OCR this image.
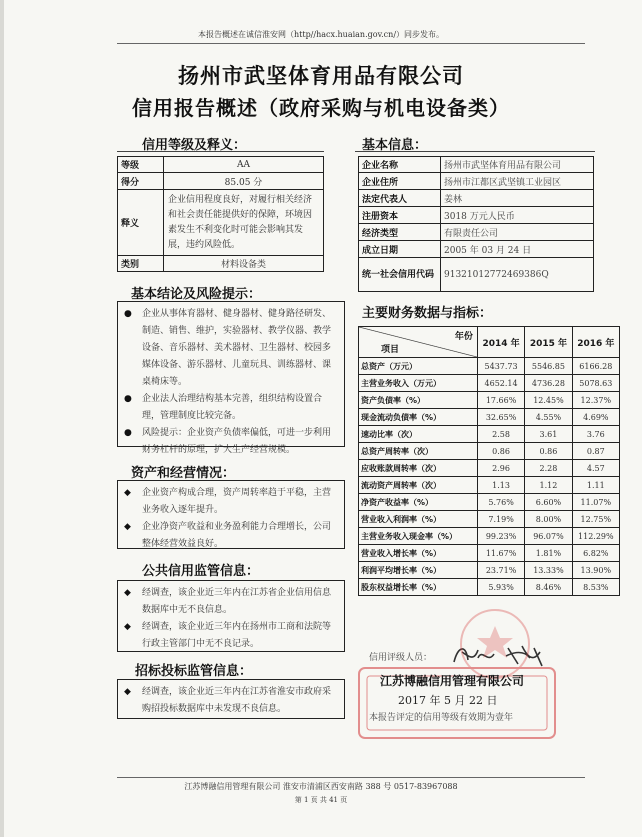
本报告概述在诚信淮安网（http//hacx.huaian.gov.cn/）同步发布。
扬州市武坚体育用品有限公司
信用报告概述（政府采购与机电设备类）
信用等级及释义：
等级	AA
得分	85.05 分
释义	企业信用程度良好，对履行相关经济和社会责任能提供好的保障，环境因素发生不利变化时可能会影响其发展，违约风险低。
类别	材料设备类
基本结论及风险提示：
● 企业从事体育器材、健身器材、健身路径研发、制造、销售、维护，实验器材、教学仪器、教学设备、音乐器材、美术器材、卫生器材、校园多媒体设备、游乐器材、儿童玩具、训练器材、课桌椅床等。
● 企业法人治理结构基本完善，组织结构设置合理，管理制度比较完备。
● 风险提示：企业资产负债率偏低，可进一步利用财务杠杆的原理，扩大生产经营规模。
资产和经营情况：
◆ 企业资产构成合理，资产周转率趋于平稳，主营业务收入逐年提升。
◆ 企业净资产收益和业务盈利能力合理增长，公司整体经营效益良好。
公共信用监管信息：
◆ 经调查，该企业近三年内在江苏省企业信用信息数据库中无不良信息。
◆ 经调查，该企业近三年内在扬州市工商和法院等行政主管部门中无不良记录。
招标投标监管信息：
◆ 经调查，该企业近三年内在江苏省淮安市政府采购招投标数据库中未发现不良信息。
基本信息：
企业名称	扬州市武坚体育用品有限公司
企业住所	扬州市江都区武坚镇工业园区
法定代表人	姜林
注册资本	3018 万元人民币
经济类型	有限责任公司
成立日期	2005 年 03 月 24 日
统一社会信用代码	91321012772469386Q
主要财务数据与指标：
年份
项目	2014 年	2015 年	2016 年
总资产（万元）	5437.73	5546.85	6166.28
主营业务收入（万元）	4652.14	4736.28	5078.63
资产负债率（%）	17.66%	12.45%	12.37%
现金流动负债率（%）	32.65%	4.55%	4.69%
速动比率（次）	2.58	3.61	3.76
总资产周转率（次）	0.86	0.86	0.87
应收账款周转率（次）	2.96	2.28	4.57
流动资产周转率（次）	1.13	1.12	1.11
净资产收益率（%）	5.76%	6.60%	11.07%
营业收入利润率（%）	7.19%	8.00%	12.75%
主营业务收入现金率（%）	99.23%	96.07%	112.29%
营业收入增长率（%）	11.67%	1.81%	6.82%
利润平均增长率（%）	23.71%	13.33%	13.90%
股东权益增长率（%）	5.93%	8.46%	8.53%
信用评级人员：
江苏博融信用管理有限公司
2017 年 5 月 22 日
本报告评定的信用等级有效期为壹年
江苏博融信用管理有限公司 淮安市清浦区西安南路 388 号 0517-83967088
第 1 页 共 41 页
